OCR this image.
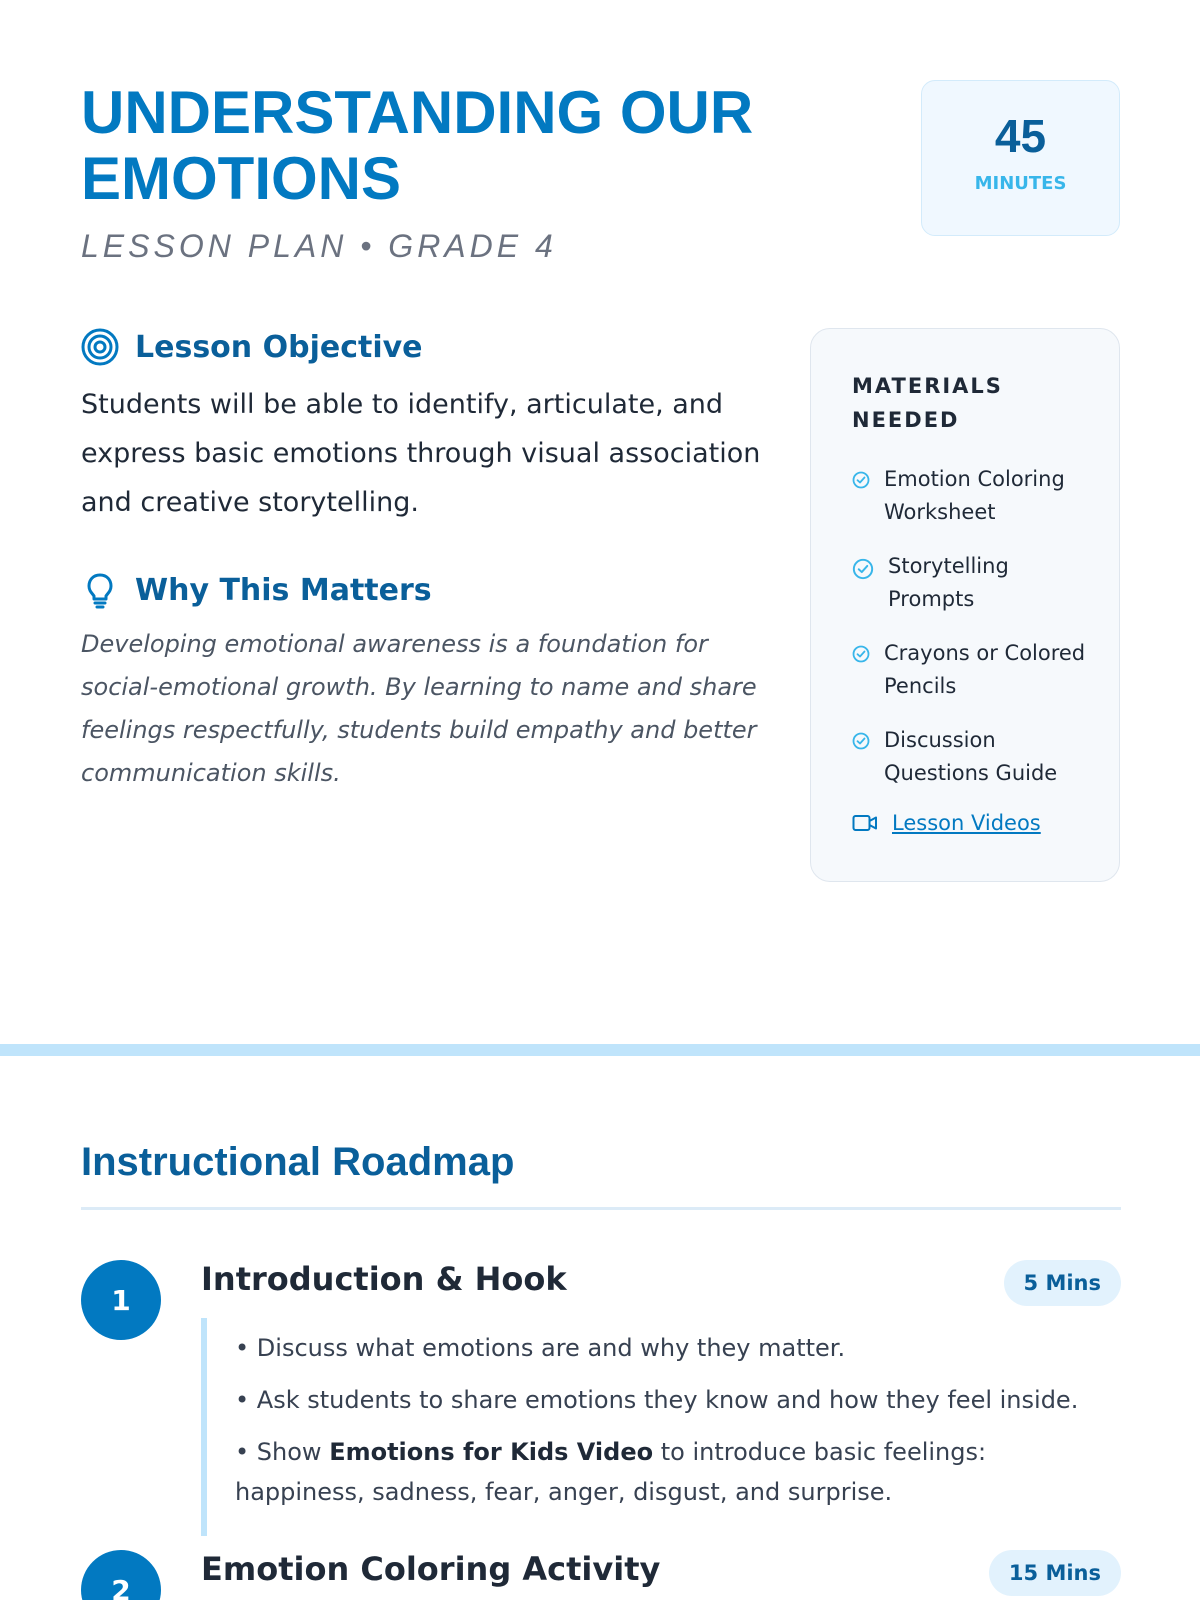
UNDERSTANDING OUR EMOTIONS
LESSON PLAN • GRADE 4
45
MINUTES
Lesson Objective

Students will be able to identify, articulate, and express basic emotions through visual association and creative storytelling.

Why This Matters

Developing emotional awareness is a foundation for social-emotional growth. By learning to name and share feelings respectfully, students build empathy and better communication skills.

MATERIALS NEEDED
Emotion Coloring Worksheet
Storytelling Prompts
Crayons or Colored Pencils
Discussion Questions Guide
Lesson Videos
Instructional Roadmap
1
Introduction & Hook	5 Mins
• Discuss what emotions are and why they matter.
• Ask students to share emotions they know and how they feel inside.
• Show Emotions for Kids Video to introduce basic feelings: happiness, sadness, fear, anger, disgust, and surprise.
2
Emotion Coloring Activity	15 Mins
